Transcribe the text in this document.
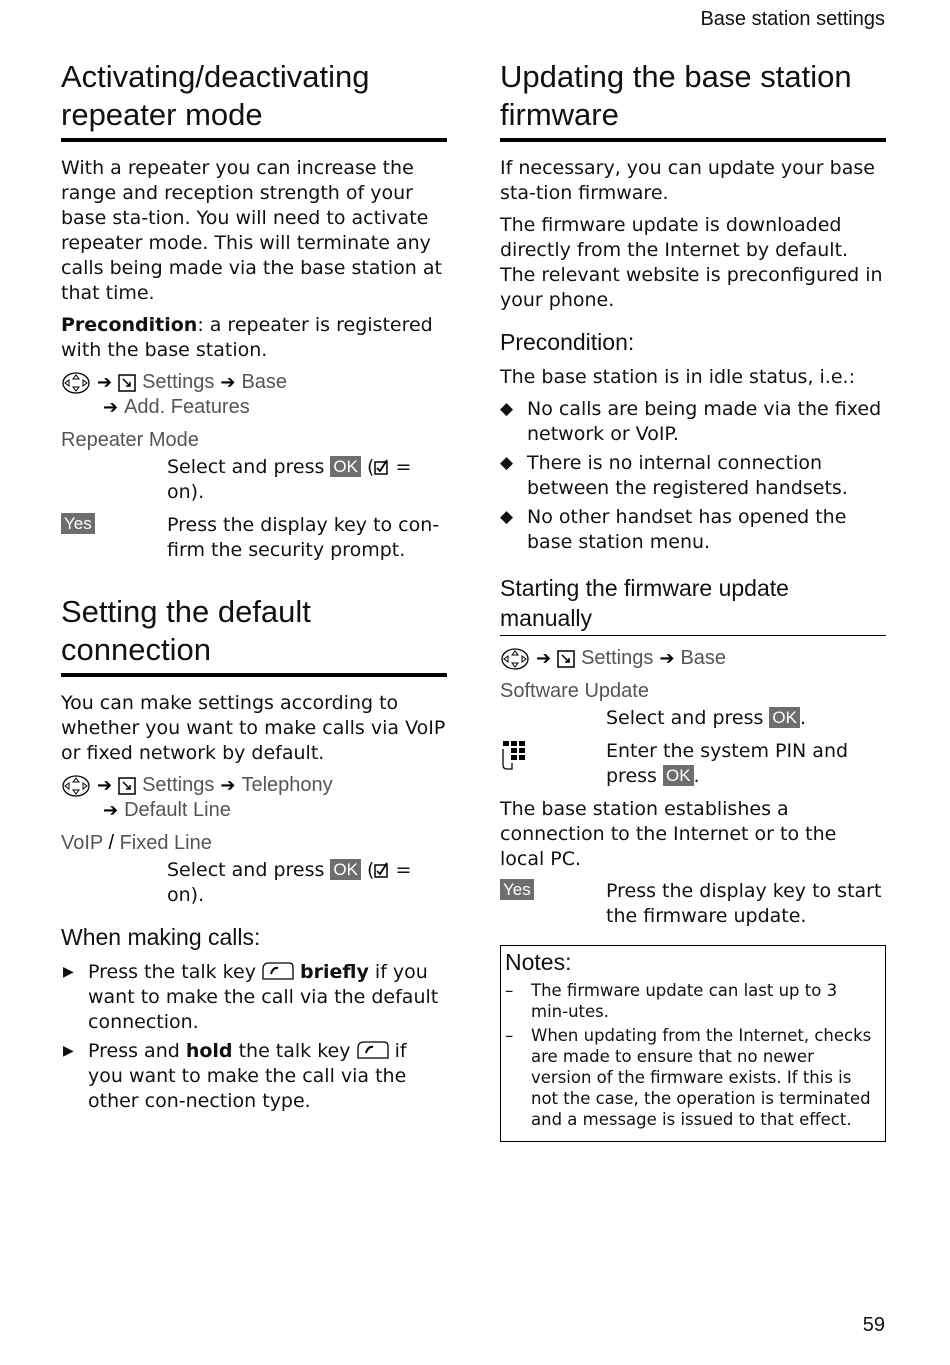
Base station settings
Activating/deactivating repeater mode

With a repeater you can increase the range and reception strength of your base sta-tion. You will need to activate repeater mode. This will terminate any calls being made via the base station at that time.

Precondition: a repeater is registered with the base station.

➔ Settings ➔ Base
➔ Add. Features
Repeater Mode
Select and press OK ( = on).
Yes	Press the display key to con-firm the security prompt.
Setting the default connection

You can make settings according to whether you want to make calls via VoIP or fixed network by default.

➔ Settings ➔ Telephony
➔ Default Line
VoIP / Fixed Line
Select and press OK ( = on).
When making calls:
▶ Press the talk key  briefly if you want to make the call via the default connection.
▶ Press and hold the talk key  if you want to make the call via the other con-nection type.
Updating the base station firmware

If necessary, you can update your base sta-tion firmware.

The firmware update is downloaded directly from the Internet by default. The relevant website is preconfigured in your phone.

Precondition:

The base station is in idle status, i.e.:

◆ No calls are being made via the fixed network or VoIP.
◆ There is no internal connection between the registered handsets.
◆ No other handset has opened the base station menu.
Starting the firmware update manually
➔ Settings ➔ Base
Software Update
Select and press OK .
Enter the system PIN and press OK .

The base station establishes a connection to the Internet or to the local PC.

Yes	Press the display key to start the firmware update.
Notes:
– The firmware update can last up to 3 min-utes.
– When updating from the Internet, checks are made to ensure that no newer version of the firmware exists. If this is not the case, the operation is terminated and a message is issued to that effect.
59
